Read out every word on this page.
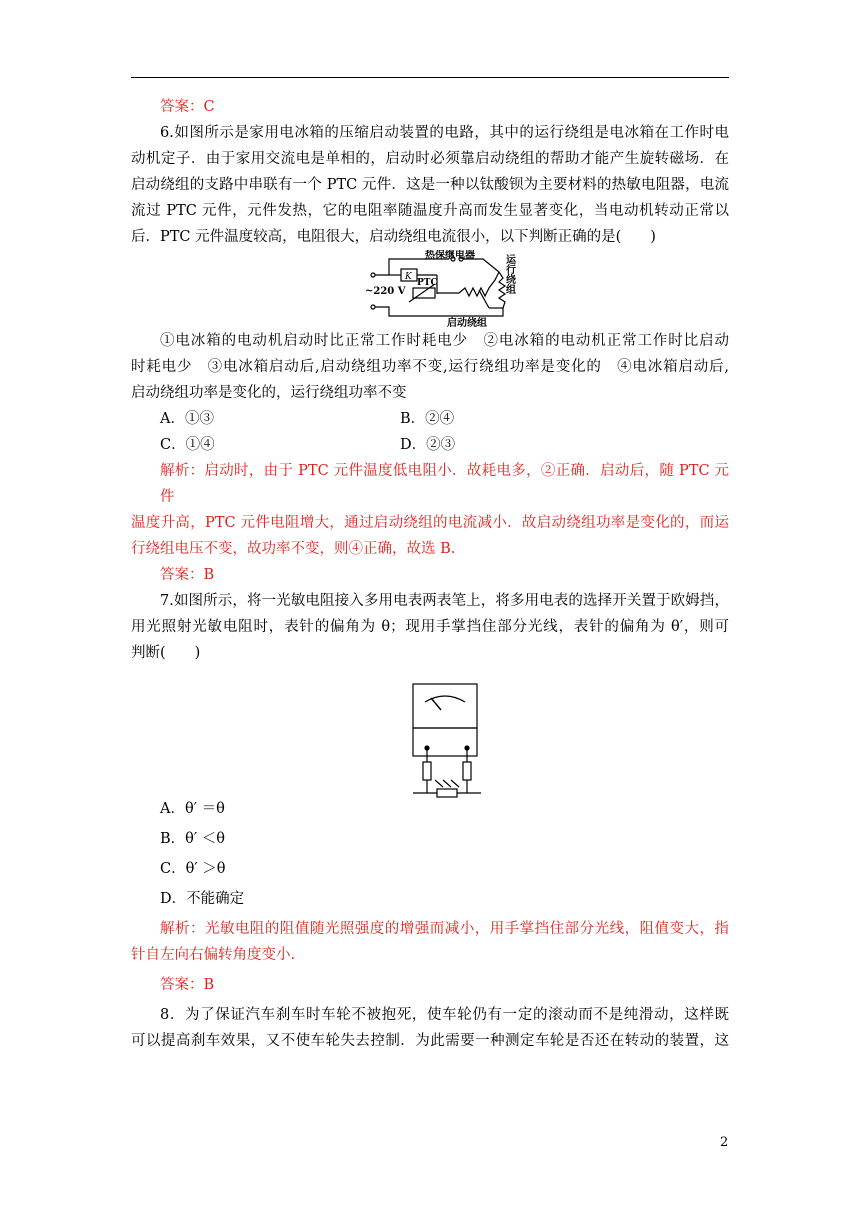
答案：C
6.如图所示是家用电冰箱的压缩启动装置的电路，其中的运行绕组是电冰箱在工作时电
动机定子．由于家用交流电是单相的，启动时必须靠启动绕组的帮助才能产生旋转磁场．在
启动绕组的支路中串联有一个 PTC 元件．这是一种以钛酸钡为主要材料的热敏电阻器，电流
流过 PTC 元件，元件发热，它的电阻率随温度升高而发生显著变化，当电动机转动正常以
后．PTC 元件温度较高，电阻很大，启动绕组电流很小，以下判断正确的是(　　)
热保继电器
K
~220 V
PTC
启动绕组
运行绕组
①电冰箱的电动机启动时比正常工作时耗电少　②电冰箱的电动机正常工作时比启动
时耗电少　③电冰箱启动后,启动绕组功率不变,运行绕组功率是变化的　④电冰箱启动后,
启动绕组功率是变化的，运行绕组功率不变
A．①③	B．②④
C．①④	D．②③
解析：启动时，由于 PTC 元件温度低电阻小．故耗电多，②正确．启动后，随 PTC 元件
温度升高，PTC 元件电阻增大，通过启动绕组的电流减小．故启动绕组功率是变化的，而运
行绕组电压不变，故功率不变，则④正确，故选 B.
答案：B
7.如图所示，将一光敏电阻接入多用电表两表笔上，将多用电表的选择开关置于欧姆挡，
用光照射光敏电阻时，表针的偏角为 θ；现用手掌挡住部分光线，表针的偏角为 θ′，则可
判断(　　)
A．θ′ ＝θ
B．θ′ ＜θ
C．θ′ ＞θ
D．不能确定
解析：光敏电阻的阻值随光照强度的增强而减小，用手掌挡住部分光线，阻值变大，指
针自左向右偏转角度变小.
答案：B
8．为了保证汽车刹车时车轮不被抱死，使车轮仍有一定的滚动而不是纯滑动，这样既
可以提高刹车效果，又不使车轮失去控制．为此需要一种测定车轮是否还在转动的装置，这
2
